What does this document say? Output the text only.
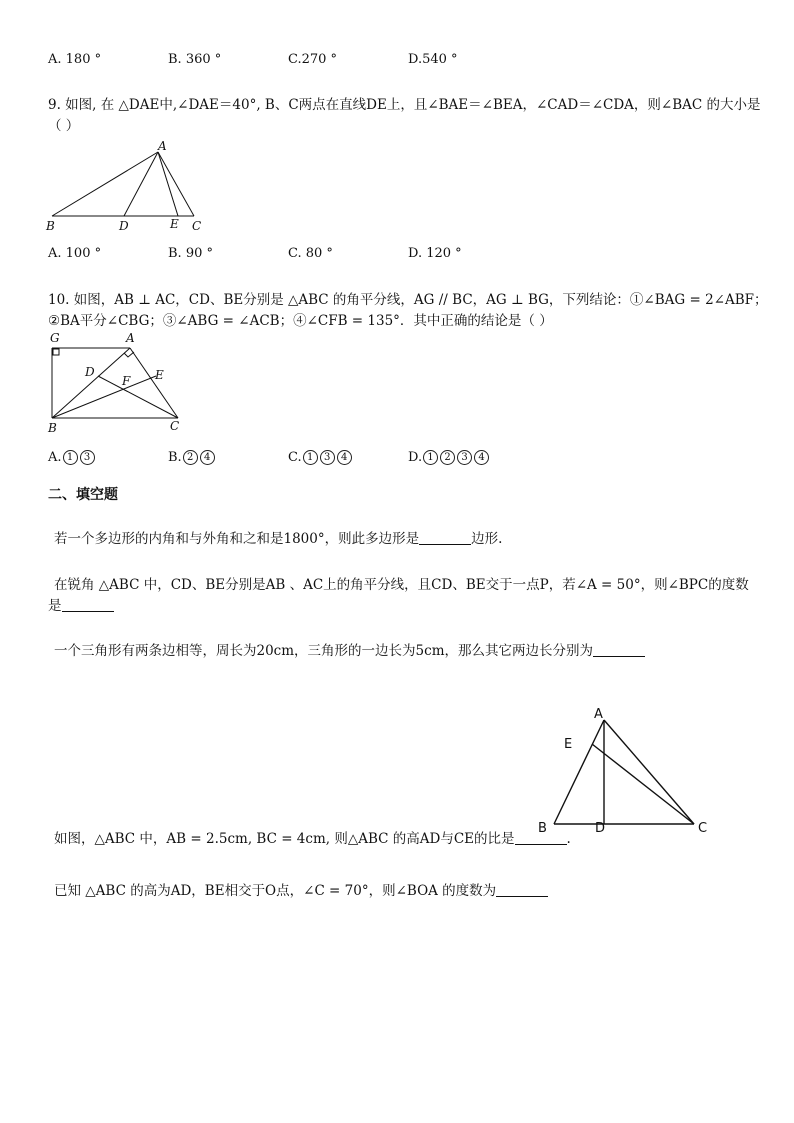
A. 180 °	B. 360 °	C.270 °	D.540 °
9. 如图, 在 △DAE中,∠DAE＝40°, B、C两点在直线DE上，且∠BAE＝∠BEA，∠CAD＝∠CDA，则∠BAC 的大小是
（ ）
A
B	D	E C
A. 100 °	B. 90 °	C. 80 °	D. 120 °
10. 如图，AB ⊥ AC，CD、BE分别是 △ABC 的角平分线，AG // BC，AG ⊥ BG，下列结论：①∠BAG = 2∠ABF；
②BA平分∠CBG；③∠ABG = ∠ACB；④∠CFB = 135°．其中正确的结论是（ ）
G	A
D
F E
B	C
A. 1 3	B. 2 4	C. 1 3 4	D. 1 2 3 4
二、填空题
若一个多边形的内角和与外角和之和是1800°，则此多边形是	边形.
在锐角 △ABC 中，CD、BE分别是AB 、AC上的角平分线，且CD、BE交于一点P，若∠A = 50°，则∠BPC的度数
是
一个三角形有两条边相等，周长为20cm，三角形的一边长为5cm，那么其它两边长分别为
A
E
B	D	C
如图，△ABC 中，AB = 2.5cm, BC = 4cm, 则△ABC 的高AD与CE的比是	.
已知 △ABC 的高为AD，BE相交于O点，∠C = 70°，则∠BOA 的度数为
